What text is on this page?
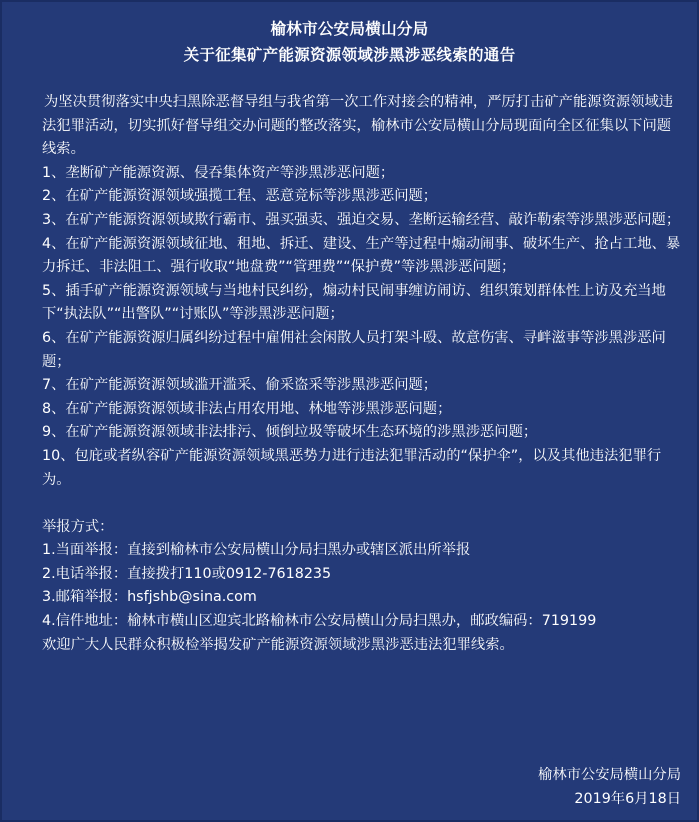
榆林市公安局横山分局
关于征集矿产能源资源领域涉黑涉恶线索的通告

为坚决贯彻落实中央扫黑除恶督导组与我省第一次工作对接会的精神，严厉打击矿产能源资源领域违法犯罪活动，切实抓好督导组交办问题的整改落实，榆林市公安局横山分局现面向全区征集以下问题线索。

1、垄断矿产能源资源、侵吞集体资产等涉黑涉恶问题；

2、在矿产能源资源领域强揽工程、恶意竞标等涉黑涉恶问题；

3、在矿产能源资源领域欺行霸市、强买强卖、强迫交易、垄断运输经营、敲诈勒索等涉黑涉恶问题；

4、在矿产能源资源领域征地、租地、拆迁、建设、生产等过程中煽动闹事、破坏生产、抢占工地、暴力拆迁、非法阻工、强行收取“地盘费”“管理费”“保护费”等涉黑涉恶问题；

5、插手矿产能源资源领域与当地村民纠纷，煽动村民闹事缠访闹访、组织策划群体性上访及充当地下“执法队”“出警队”“讨账队”等涉黑涉恶问题；

6、在矿产能源资源归属纠纷过程中雇佣社会闲散人员打架斗殴、故意伤害、寻衅滋事等涉黑涉恶问题；

7、在矿产能源资源领域滥开滥采、偷采盗采等涉黑涉恶问题；

8、在矿产能源资源领域非法占用农用地、林地等涉黑涉恶问题；

9、在矿产能源资源领域非法排污、倾倒垃圾等破坏生态环境的涉黑涉恶问题；

10、包庇或者纵容矿产能源资源领域黑恶势力进行违法犯罪活动的“保护伞”，以及其他违法犯罪行为。

举报方式：

1.当面举报：直接到榆林市公安局横山分局扫黑办或辖区派出所举报

2.电话举报：直接拨打110或0912-7618235

3.邮箱举报：hsfjshb@sina.com

4.信件地址：榆林市横山区迎宾北路榆林市公安局横山分局扫黑办，邮政编码：719199

欢迎广大人民群众积极检举揭发矿产能源资源领域涉黑涉恶违法犯罪线索。

榆林市公安局横山分局
2019年6月18日
